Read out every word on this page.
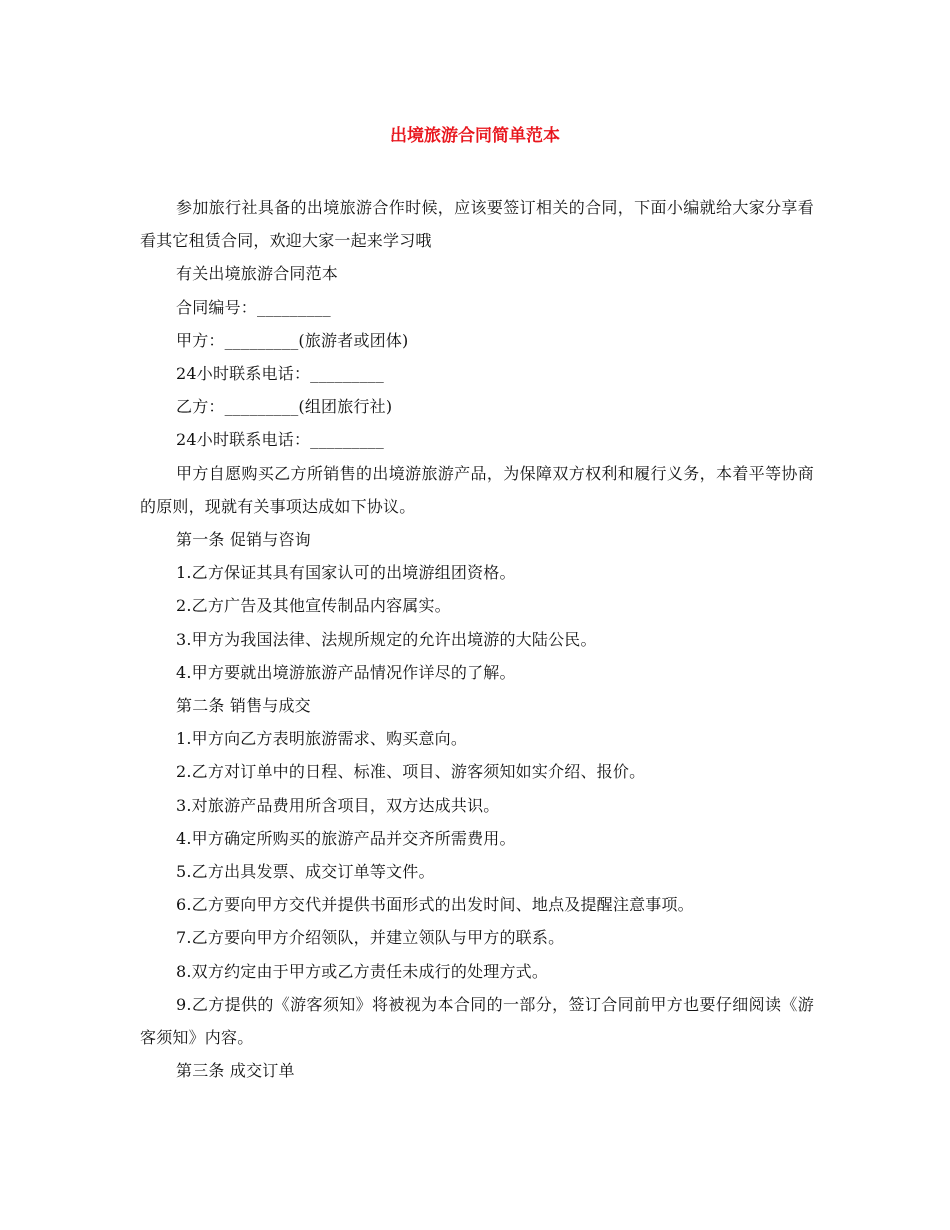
出境旅游合同简单范本

参加旅行社具备的出境旅游合作时候，应该要签订相关的合同，下面小编就给大家分享看看其它租赁合同，欢迎大家一起来学习哦

有关出境旅游合同范本

合同编号：_________

甲方：_________(旅游者或团体)

24小时联系电话：_________

乙方：_________(组团旅行社)

24小时联系电话：_________

甲方自愿购买乙方所销售的出境游旅游产品，为保障双方权利和履行义务，本着平等协商的原则，现就有关事项达成如下协议。

第一条 促销与咨询

1.乙方保证其具有国家认可的出境游组团资格。

2.乙方广告及其他宣传制品内容属实。

3.甲方为我国法律、法规所规定的允许出境游的大陆公民。

4.甲方要就出境游旅游产品情况作详尽的了解。

第二条 销售与成交

1.甲方向乙方表明旅游需求、购买意向。

2.乙方对订单中的日程、标准、项目、游客须知如实介绍、报价。

3.对旅游产品费用所含项目，双方达成共识。

4.甲方确定所购买的旅游产品并交齐所需费用。

5.乙方出具发票、成交订单等文件。

6.乙方要向甲方交代并提供书面形式的出发时间、地点及提醒注意事项。

7.乙方要向甲方介绍领队，并建立领队与甲方的联系。

8.双方约定由于甲方或乙方责任未成行的处理方式。

9.乙方提供的《游客须知》将被视为本合同的一部分，签订合同前甲方也要仔细阅读《游客须知》内容。

第三条 成交订单
